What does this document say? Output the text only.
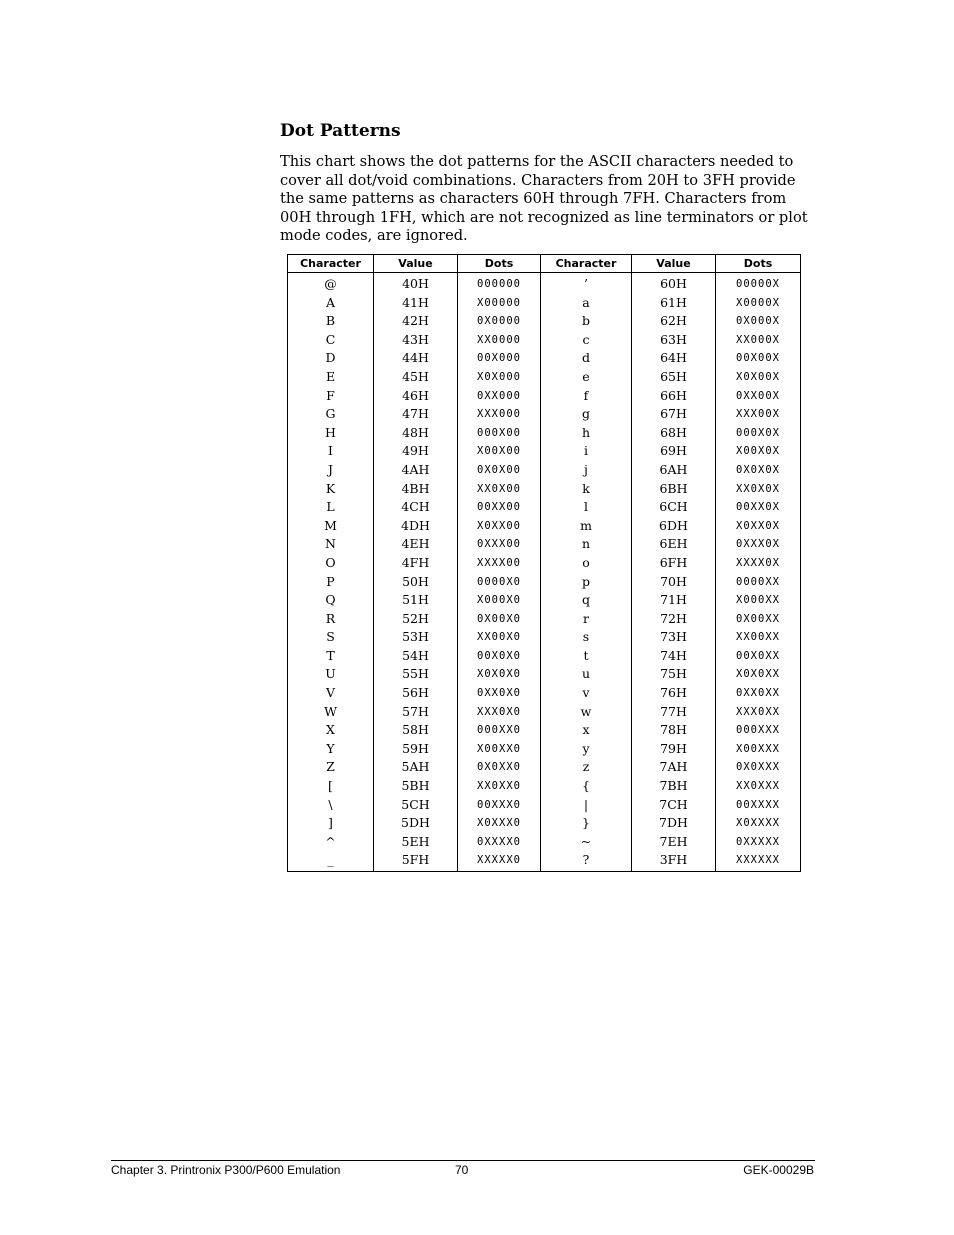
Dot Patterns
This chart shows the dot patterns for the ASCII characters needed to cover all dot/void combinations. Characters from 20H to 3FH provide the same patterns as characters 60H through 7FH. Characters from 00H through 1FH, which are not recognized as line terminators or plot mode codes, are ignored.
Character	Value	Dots	Character	Value	Dots
@	40H	000000	’	60H	00000X
A	41H	X00000	a	61H	X0000X
B	42H	0X0000	b	62H	0X000X
C	43H	XX0000	c	63H	XX000X
D	44H	00X000	d	64H	00X00X
E	45H	X0X000	e	65H	X0X00X
F	46H	0XX000	f	66H	0XX00X
G	47H	XXX000	g	67H	XXX00X
H	48H	000X00	h	68H	000X0X
I	49H	X00X00	i	69H	X00X0X
J	4AH	0X0X00	j	6AH	0X0X0X
K	4BH	XX0X00	k	6BH	XX0X0X
L	4CH	00XX00	l	6CH	00XX0X
M	4DH	X0XX00	m	6DH	X0XX0X
N	4EH	0XXX00	n	6EH	0XXX0X
O	4FH	XXXX00	o	6FH	XXXX0X
P	50H	0000X0	p	70H	0000XX
Q	51H	X000X0	q	71H	X000XX
R	52H	0X00X0	r	72H	0X00XX
S	53H	XX00X0	s	73H	XX00XX
T	54H	00X0X0	t	74H	00X0XX
U	55H	X0X0X0	u	75H	X0X0XX
V	56H	0XX0X0	v	76H	0XX0XX
W	57H	XXX0X0	w	77H	XXX0XX
X	58H	000XX0	x	78H	000XXX
Y	59H	X00XX0	y	79H	X00XXX
Z	5AH	0X0XX0	z	7AH	0X0XXX
[	5BH	XX0XX0	{	7BH	XX0XXX
\	5CH	00XXX0	|	7CH	00XXXX
]	5DH	X0XXX0	}	7DH	X0XXXX
^	5EH	0XXXX0	~	7EH	0XXXXX
_	5FH	XXXXX0	?	3FH	XXXXXX
Chapter 3. Printronix P300/P600 Emulation	70	GEK-00029B
